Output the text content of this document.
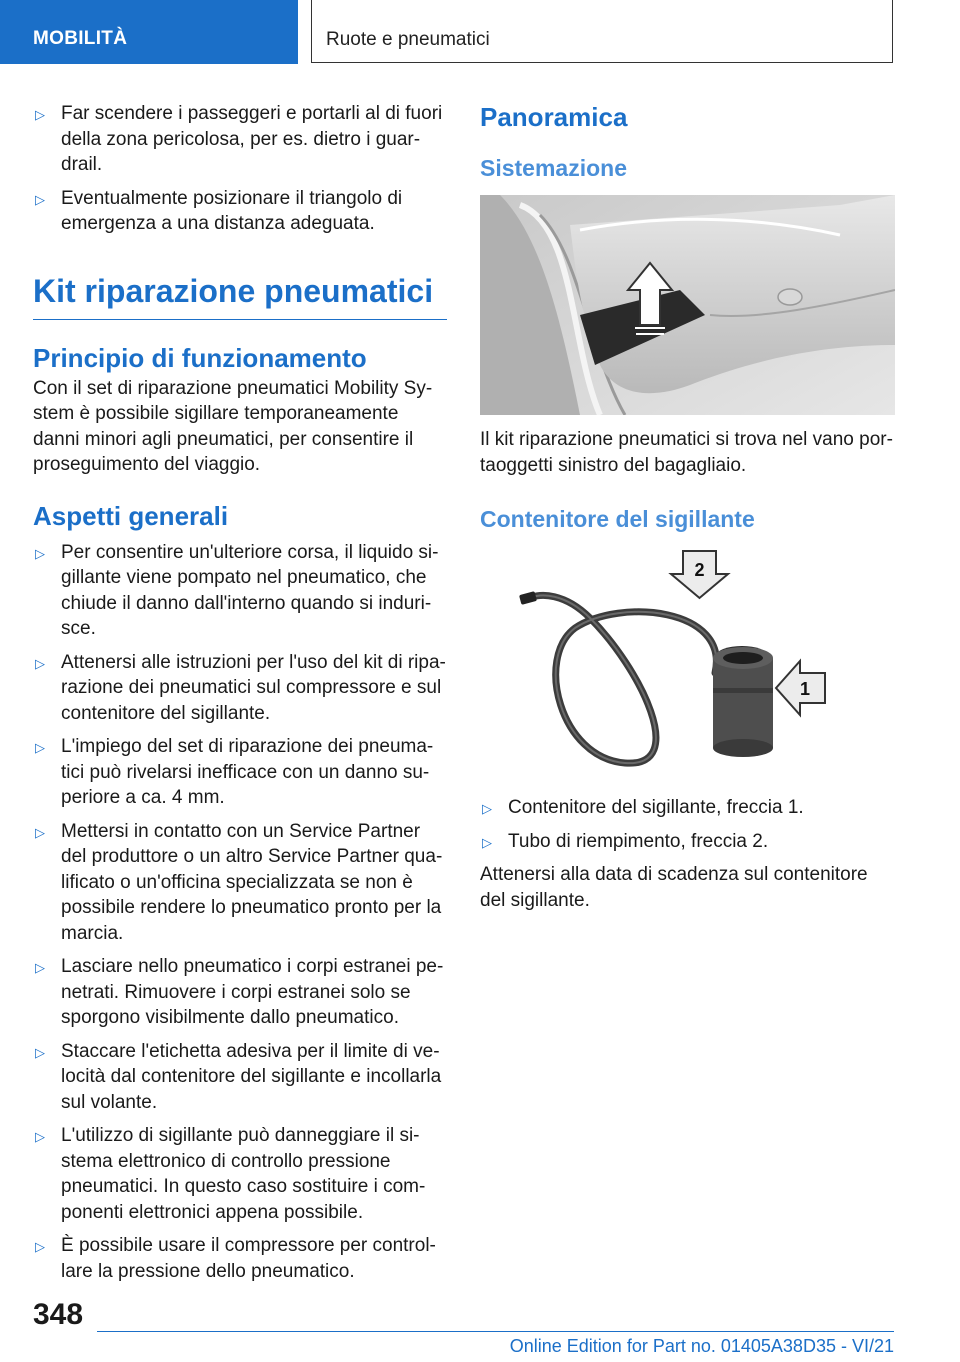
MOBILITÀ	Ruote e pneumatici
▷ Far scendere i passeggeri e portarli al di fuori della zona pericolosa, per es. dietro i guar-drail.
▷ Eventualmente posizionare il triangolo di emergenza a una distanza adeguata.
Kit riparazione pneumatici
Principio di funzionamento

Con il set di riparazione pneumatici Mobility Sy-stem è possibile sigillare temporaneamente danni minori agli pneumatici, per consentire il proseguimento del viaggio.

Aspetti generali
▷ Per consentire un'ulteriore corsa, il liquido si-gillante viene pompato nel pneumatico, che chiude il danno dall'interno quando si induri-sce.
▷ Attenersi alle istruzioni per l'uso del kit di ripa-razione dei pneumatici sul compressore e sul contenitore del sigillante.
▷ L'impiego del set di riparazione dei pneuma-tici può rivelarsi inefficace con un danno su-periore a ca. 4 mm.
▷ Mettersi in contatto con un Service Partner del produttore o un altro Service Partner qua-lificato o un'officina specializzata se non è possibile rendere lo pneumatico pronto per la marcia.
▷ Lasciare nello pneumatico i corpi estranei pe-netrati. Rimuovere i corpi estranei solo se sporgono visibilmente dallo pneumatico.
▷ Staccare l'etichetta adesiva per il limite di ve-locità dal contenitore del sigillante e incollarla sul volante.
▷ L'utilizzo di sigillante può danneggiare il si-stema elettronico di controllo pressione pneumatici. In questo caso sostituire i com-ponenti elettronici appena possibile.
▷ È possibile usare il compressore per control-lare la pressione dello pneumatico.
Panoramica
Sistemazione

Il kit riparazione pneumatici si trova nel vano por-taoggetti sinistro del bagagliaio.

Contenitore del sigillante
2
1
▷ Contenitore del sigillante, freccia 1.
▷ Tubo di riempimento, freccia 2.

Attenersi alla data di scadenza sul contenitore del sigillante.

348
Online Edition for Part no. 01405A38D35 - VI/21
